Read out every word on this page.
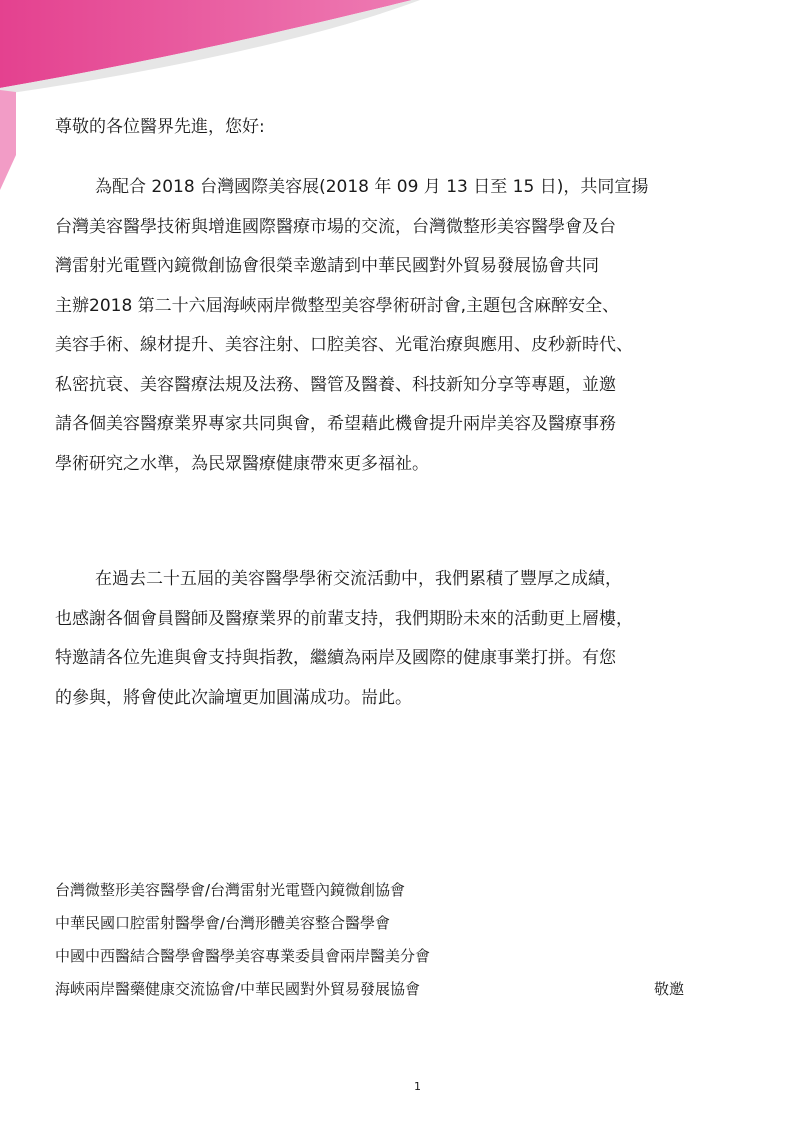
尊敬的各位醫界先進，您好:
為配合 2018 台灣國際美容展(2018 年 09 月 13 日至 15 日)，共同宣揚
台灣美容醫學技術與增進國際醫療市場的交流，台灣微整形美容醫學會及台
灣雷射光電暨內鏡微創協會很榮幸邀請到中華民國對外貿易發展協會共同
主辦2018 第二十六屆海峽兩岸微整型美容學術研討會,主題包含麻醉安全、
美容手術、線材提升、美容注射、口腔美容、光電治療與應用、皮秒新時代、
私密抗衰、美容醫療法規及法務、醫管及醫養、科技新知分享等專題，並邀
請各個美容醫療業界專家共同與會，希望藉此機會提升兩岸美容及醫療事務
學術研究之水準，為民眾醫療健康帶來更多福祉。
在過去二十五屆的美容醫學學術交流活動中，我們累積了豐厚之成績，
也感謝各個會員醫師及醫療業界的前輩支持，我們期盼未來的活動更上層樓，
特邀請各位先進與會支持與指教，繼續為兩岸及國際的健康事業打拼。有您
的參與，將會使此次論壇更加圓滿成功。耑此。
台灣微整形美容醫學會/台灣雷射光電暨內鏡微創協會
中華民國口腔雷射醫學會/台灣形體美容整合醫學會
中國中西醫結合醫學會醫學美容專業委員會兩岸醫美分會
海峽兩岸醫藥健康交流協會/中華民國對外貿易發展協會	敬邀
1
